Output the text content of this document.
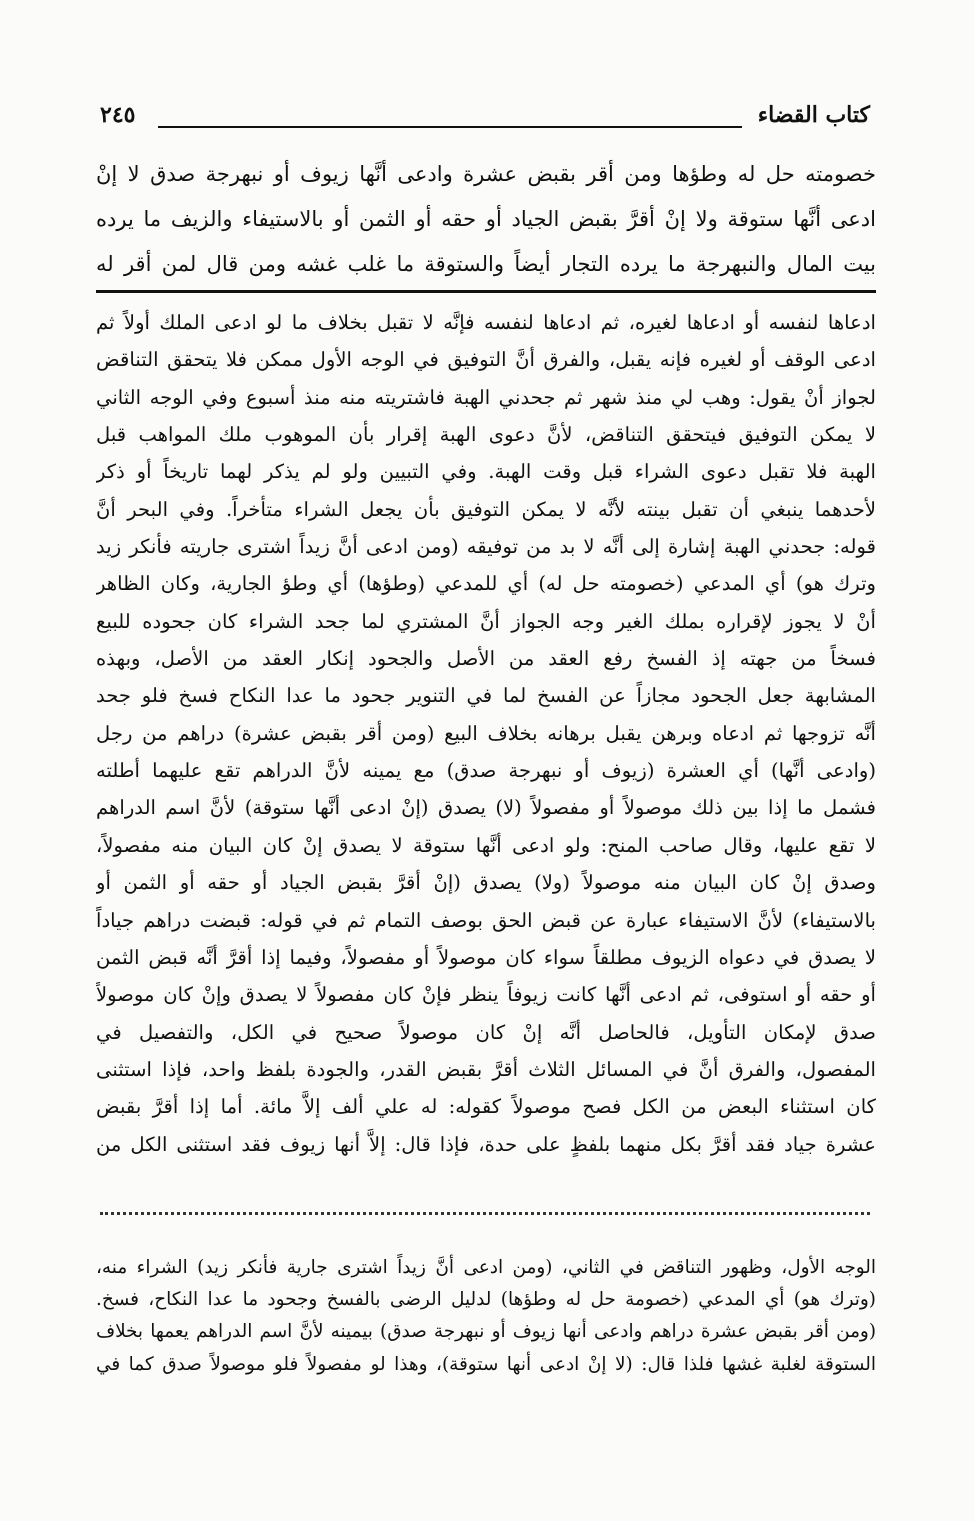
٢٤٥	كتاب القضاء

خصومته حل له وطؤها ومن أقر بقبض عشرة وادعى أنَّها زيوف أو نبهرجة صدق لا إنْ

ادعى أنَّها ستوقة ولا إنْ أقرَّ بقبض الجياد أو حقه أو الثمن أو بالاستيفاء والزيف ما يرده

بيت المال والنبهرجة ما يرده التجار أيضاً والستوقة ما غلب غشه ومن قال لمن أقر له

ادعاها لنفسه أو ادعاها لغيره، ثم ادعاها لنفسه فإنَّه لا تقبل بخلاف ما لو ادعى الملك أولاً ثم

ادعى الوقف أو لغيره فإنه يقبل، والفرق أنَّ التوفيق في الوجه الأول ممكن فلا يتحقق التناقض

لجواز أنْ يقول: وهب لي منذ شهر ثم جحدني الهبة فاشتريته منه منذ أسبوع وفي الوجه الثاني

لا يمكن التوفيق فيتحقق التناقض، لأنَّ دعوى الهبة إقرار بأن الموهوب ملك المواهب قبل

الهبة فلا تقبل دعوى الشراء قبل وقت الهبة. وفي التبيين ولو لم يذكر لهما تاريخاً أو ذكر

لأحدهما ينبغي أن تقبل بينته لأنَّه لا يمكن التوفيق بأن يجعل الشراء متأخراً. وفي البحر أنَّ

قوله: جحدني الهبة إشارة إلى أنَّه لا بد من توفيقه (ومن ادعى أنَّ زيداً اشترى جاريته فأنكر زيد

وترك هو) أي المدعي (خصومته حل له) أي للمدعي (وطؤها) أي وطؤ الجارية، وكان الظاهر

أنْ لا يجوز لإقراره بملك الغير وجه الجواز أنَّ المشتري لما جحد الشراء كان جحوده للبيع

فسخاً من جهته إذ الفسخ رفع العقد من الأصل والجحود إنكار العقد من الأصل، وبهذه

المشابهة جعل الجحود مجازاً عن الفسخ لما في التنوير جحود ما عدا النكاح فسخ فلو جحد

أنَّه تزوجها ثم ادعاه وبرهن يقبل برهانه بخلاف البيع (ومن أقر بقبض عشرة) دراهم من رجل

(وادعى أنَّها) أي العشرة (زيوف أو نبهرجة صدق) مع يمينه لأنَّ الدراهم تقع عليهما أطلته

فشمل ما إذا بين ذلك موصولاً أو مفصولاً (لا) يصدق (إنْ ادعى أنَّها ستوقة) لأنَّ اسم الدراهم

لا تقع عليها، وقال صاحب المنح: ولو ادعى أنَّها ستوقة لا يصدق إنْ كان البيان منه مفصولاً،

وصدق إنْ كان البيان منه موصولاً (ولا) يصدق (إنْ أقرَّ بقبض الجياد أو حقه أو الثمن أو

بالاستيفاء) لأنَّ الاستيفاء عبارة عن قبض الحق بوصف التمام ثم في قوله: قبضت دراهم جياداً

لا يصدق في دعواه الزيوف مطلقاً سواء كان موصولاً أو مفصولاً، وفيما إذا أقرَّ أنَّه قبض الثمن

أو حقه أو استوفى، ثم ادعى أنَّها كانت زيوفاً ينظر فإنْ كان مفصولاً لا يصدق وإنْ كان موصولاً

صدق لإمكان التأويل، فالحاصل أنَّه إنْ كان موصولاً صحيح في الكل، والتفصيل في

المفصول، والفرق أنَّ في المسائل الثلاث أقرَّ بقبض القدر، والجودة بلفظ واحد، فإذا استثنى

كان استثناء البعض من الكل فصح موصولاً كقوله: له علي ألف إلاَّ مائة. أما إذا أقرَّ بقبض

عشرة جياد فقد أقرَّ بكل منهما بلفظٍ على حدة، فإذا قال: إلاَّ أنها زيوف فقد استثنى الكل من

الوجه الأول، وظهور التناقض في الثاني، (ومن ادعى أنَّ زيداً اشترى جارية فأنكر زيد) الشراء منه،

(وترك هو) أي المدعي (خصومة حل له وطؤها) لدليل الرضى بالفسخ وجحود ما عدا النكاح، فسخ.

(ومن أقر بقبض عشرة دراهم وادعى أنها زيوف أو نبهرجة صدق) بيمينه لأنَّ اسم الدراهم يعمها بخلاف

الستوقة لغلبة غشها فلذا قال: (لا إنْ ادعى أنها ستوقة)، وهذا لو مفصولاً فلو موصولاً صدق كما في
